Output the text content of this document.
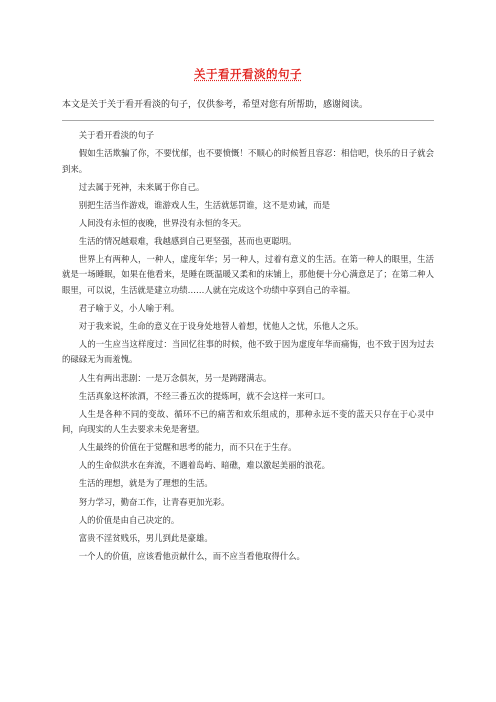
关于看开看淡的句子
本文是关于关于看开看淡的句子，仅供参考，希望对您有所帮助，感谢阅读。

关于看开看淡的句子

假如生活欺骗了你，不要忧郁，也不要愤慨！不顺心的时候暂且容忍：相信吧，快乐的日子就会到来。

过去属于死神，未来属于你自己。

别把生活当作游戏，谁游戏人生，生活就惩罚谁，这不是劝诫，而是

人间没有永恒的夜晚，世界没有永恒的冬天。

生活的情况越艰难，我越感到自己更坚强，甚而也更聪明。

世界上有两种人，一种人，虚度年华；另一种人，过着有意义的生活。在第一种人的眼里，生活就是一场睡眠，如果在他看来，是睡在既温暖又柔和的床铺上，那他便十分心满意足了；在第二种人眼里，可以说，生活就是建立功绩……人就在完成这个功绩中享到自己的幸福。

君子喻于义，小人喻于利。

对于我来说，生命的意义在于设身处地替人着想，忧他人之忧，乐他人之乐。

人的一生应当这样度过：当回忆往事的时候，他不致于因为虚度年华而痛悔，也不致于因为过去的碌碌无为而羞愧。

人生有两出悲剧：一是万念俱灰，另一是踌躇满志。

生活真象这杯浓酒，不经三番五次的提炼呵，就不会这样一来可口。

人生是各种不同的变故、循环不已的痛苦和欢乐组成的，那种永远不变的蓝天只存在于心灵中间，向现实的人生去要求未免是奢望。

人生最终的价值在于觉醒和思考的能力，而不只在于生存。

人的生命似洪水在奔流，不遇着岛屿、暗礁，难以激起美丽的浪花。

生活的理想，就是为了理想的生活。

努力学习，勤奋工作，让青春更加光彩。

人的价值是由自己决定的。

富贵不淫贫贱乐，男儿到此是豪雄。

一个人的价值，应该看他贡献什么，而不应当看他取得什么。
